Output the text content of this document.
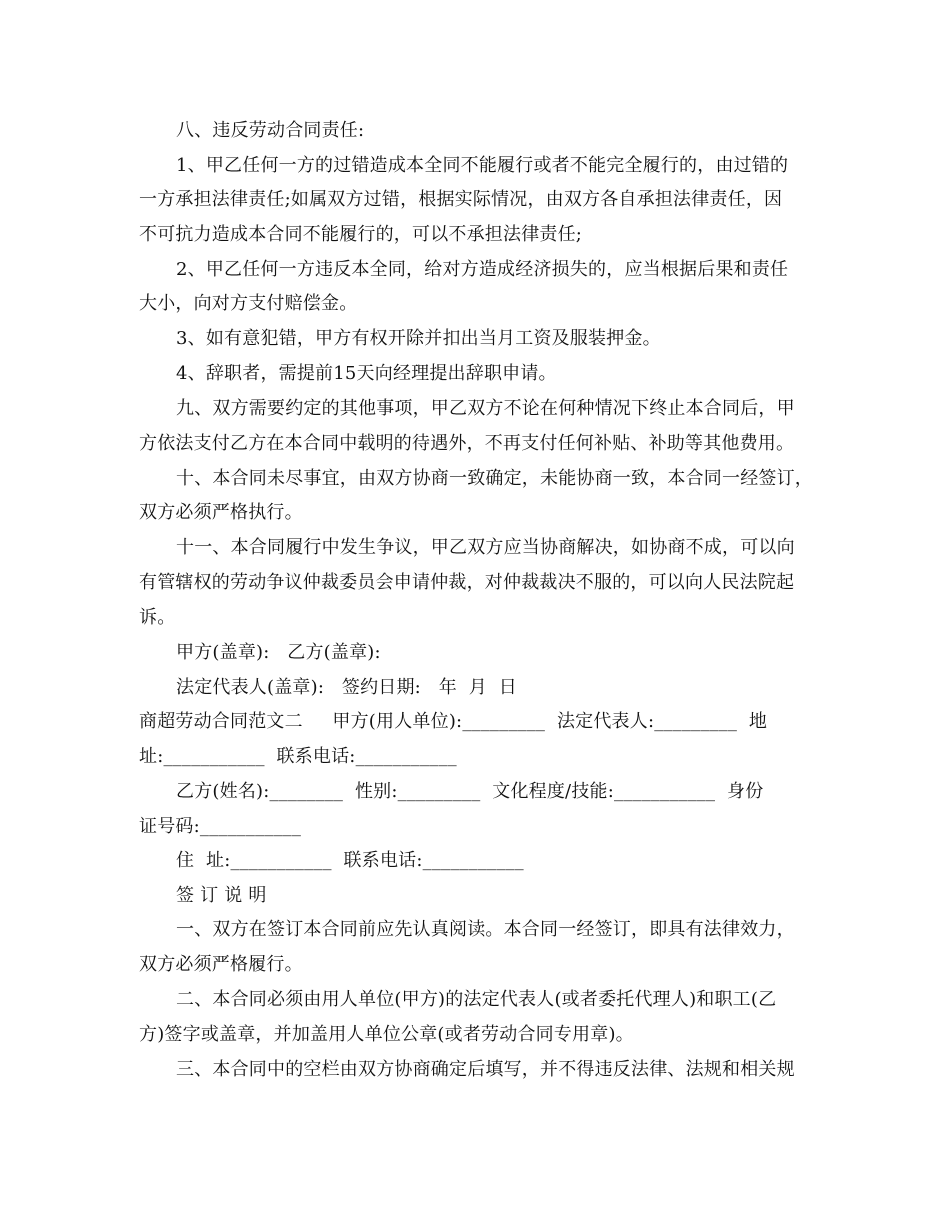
八、违反劳动合同责任:
1、甲乙任何一方的过错造成本全同不能履行或者不能完全履行的，由过错的
一方承担法律责任;如属双方过错，根据实际情况，由双方各自承担法律责任，因
不可抗力造成本合同不能履行的，可以不承担法律责任;
2、甲乙任何一方违反本全同，给对方造成经济损失的，应当根据后果和责任
大小，向对方支付赔偿金。
3、如有意犯错，甲方有权开除并扣出当月工资及服装押金。
4、辞职者，需提前15天向经理提出辞职申请。
九、双方需要约定的其他事项，甲乙双方不论在何种情况下终止本合同后，甲
方依法支付乙方在本合同中载明的待遇外，不再支付任何补贴、补助等其他费用。
十、本合同未尽事宜，由双方协商一致确定，未能协商一致，本合同一经签订，
双方必须严格执行。
十一、本合同履行中发生争议，甲乙双方应当协商解决，如协商不成，可以向
有管辖权的劳动争议仲裁委员会申请仲裁，对仲裁裁决不服的，可以向人民法院起
诉。
甲方(盖章):   乙方(盖章):
法定代表人(盖章):   签约日期:   年  月  日
商超劳动合同范文二     甲方(用人单位):_________  法定代表人:_________  地
址:___________  联系电话:___________
乙方(姓名):________  性别:_________  文化程度/技能:___________  身份
证号码:___________
住  址:___________  联系电话:___________
签 订 说 明
一、双方在签订本合同前应先认真阅读。本合同一经签订，即具有法律效力，
双方必须严格履行。
二、本合同必须由用人单位(甲方)的法定代表人(或者委托代理人)和职工(乙
方)签字或盖章，并加盖用人单位公章(或者劳动合同专用章)。
三、本合同中的空栏由双方协商确定后填写，并不得违反法律、法规和相关规
